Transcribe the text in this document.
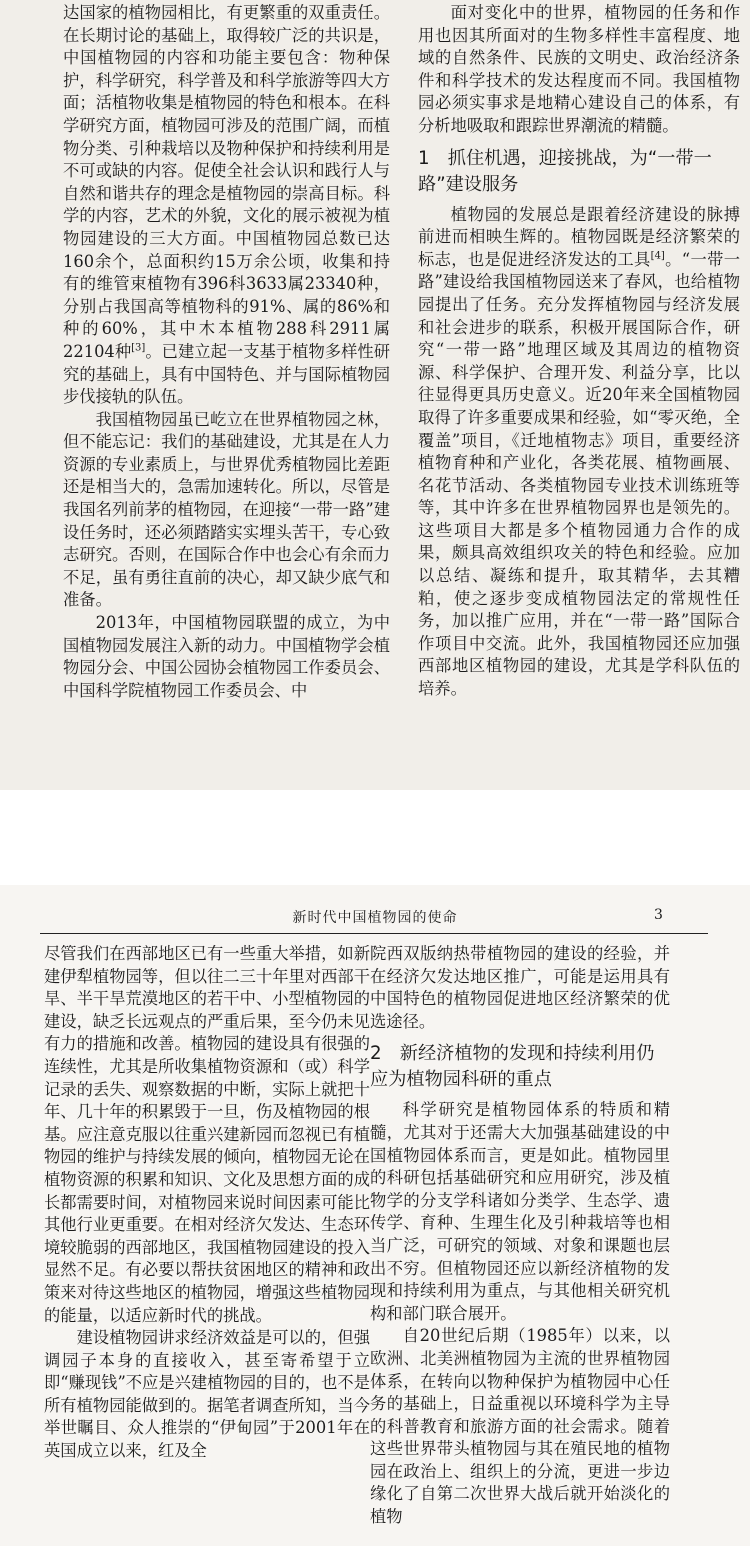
达国家的植物园相比，有更繁重的双重责任。在长期讨论的基础上，取得较广泛的共识是，中国植物园的内容和功能主要包含：物种保护，科学研究，科学普及和科学旅游等四大方面；活植物收集是植物园的特色和根本。在科学研究方面，植物园可涉及的范围广阔，而植物分类、引种栽培以及物种保护和持续利用是不可或缺的内容。促使全社会认识和践行人与自然和谐共存的理念是植物园的崇高目标。科学的内容，艺术的外貌，文化的展示被视为植物园建设的三大方面。中国植物园总数已达160余个，总面积约15万余公顷，收集和持有的维管束植物有396科3633属23340种，分别占我国高等植物科的91%、属的86%和种的60%，其中木本植物288科2911属22104种[3]。已建立起一支基于植物多样性研究的基础上，具有中国特色、并与国际植物园步伐接轨的队伍。

我国植物园虽已屹立在世界植物园之林，但不能忘记：我们的基础建设，尤其是在人力资源的专业素质上，与世界优秀植物园比差距还是相当大的，急需加速转化。所以，尽管是我国名列前茅的植物园，在迎接“一带一路”建设任务时，还必须踏踏实实埋头苦干，专心致志研究。否则，在国际合作中也会心有余而力不足，虽有勇往直前的决心，却又缺少底气和准备。

2013年，中国植物园联盟的成立，为中国植物园发展注入新的动力。中国植物学会植物园分会、中国公园协会植物园工作委员会、中国科学院植物园工作委员会、中

面对变化中的世界，植物园的任务和作用也因其所面对的生物多样性丰富程度、地域的自然条件、民族的文明史、政治经济条件和科学技术的发达程度而不同。我国植物园必须实事求是地精心建设自己的体系，有分析地吸取和跟踪世界潮流的精髓。

1　抓住机遇，迎接挑战，为“一带一路”建设服务

植物园的发展总是跟着经济建设的脉搏前进而相映生辉的。植物园既是经济繁荣的标志，也是促进经济发达的工具[4]。“一带一路”建设给我国植物园送来了春风，也给植物园提出了任务。充分发挥植物园与经济发展和社会进步的联系，积极开展国际合作，研究“一带一路”地理区域及其周边的植物资源、科学保护、合理开发、利益分享，比以往显得更具历史意义。近20年来全国植物园取得了许多重要成果和经验，如“零灭绝，全覆盖”项目，《迁地植物志》项目，重要经济植物育种和产业化，各类花展、植物画展、名花节活动、各类植物园专业技术训练班等等，其中许多在世界植物园界也是领先的。这些项目大都是多个植物园通力合作的成果，颇具高效组织攻关的特色和经验。应加以总结、凝练和提升，取其精华，去其糟粕，使之逐步变成植物园法定的常规性任务，加以推广应用，并在“一带一路”国际合作项目中交流。此外，我国植物园还应加强西部地区植物园的建设，尤其是学科队伍的培养。

新时代中国植物园的使命	3

尽管我们在西部地区已有一些重大举措，如新建伊犁植物园等，但以往二三十年里对西部干旱、半干旱荒漠地区的若干中、小型植物园的建设，缺乏长远观点的严重后果，至今仍未见有力的措施和改善。植物园的建设具有很强的连续性，尤其是所收集植物资源和（或）科学记录的丢失、观察数据的中断，实际上就把十年、几十年的积累毁于一旦，伤及植物园的根基。应注意克服以往重兴建新园而忽视已有植物园的维护与持续发展的倾向，植物园无论在植物资源的积累和知识、文化及思想方面的成长都需要时间，对植物园来说时间因素可能比其他行业更重要。在相对经济欠发达、生态环境较脆弱的西部地区，我国植物园建设的投入显然不足。有必要以帮扶贫困地区的精神和政策来对待这些地区的植物园，增强这些植物园的能量，以适应新时代的挑战。

建设植物园讲求经济效益是可以的，但强调园子本身的直接收入，甚至寄希望于立即“赚现钱”不应是兴建植物园的目的，也不是所有植物园能做到的。据笔者调查所知，当今举世瞩目、众人推崇的“伊甸园”于2001年在英国成立以来，红及全

院西双版纳热带植物园的建设的经验，并在经济欠发达地区推广，可能是运用具有中国特色的植物园促进地区经济繁荣的优选途径。

2　新经济植物的发现和持续利用仍应为植物园科研的重点

科学研究是植物园体系的特质和精髓，尤其对于还需大大加强基础建设的中国植物园体系而言，更是如此。植物园里的科研包括基础研究和应用研究，涉及植物学的分支学科诸如分类学、生态学、遗传学、育种、生理生化及引种栽培等也相当广泛，可研究的领域、对象和课题也层出不穷。但植物园还应以新经济植物的发现和持续利用为重点，与其他相关研究机构和部门联合展开。

自20世纪后期（1985年）以来，以欧洲、北美洲植物园为主流的世界植物园体系，在转向以物种保护为植物园中心任务的基础上，日益重视以环境科学为主导的科普教育和旅游方面的社会需求。随着这些世界带头植物园与其在殖民地的植物园在政治上、组织上的分流，更进一步边缘化了自第二次世界大战后就开始淡化的植物
